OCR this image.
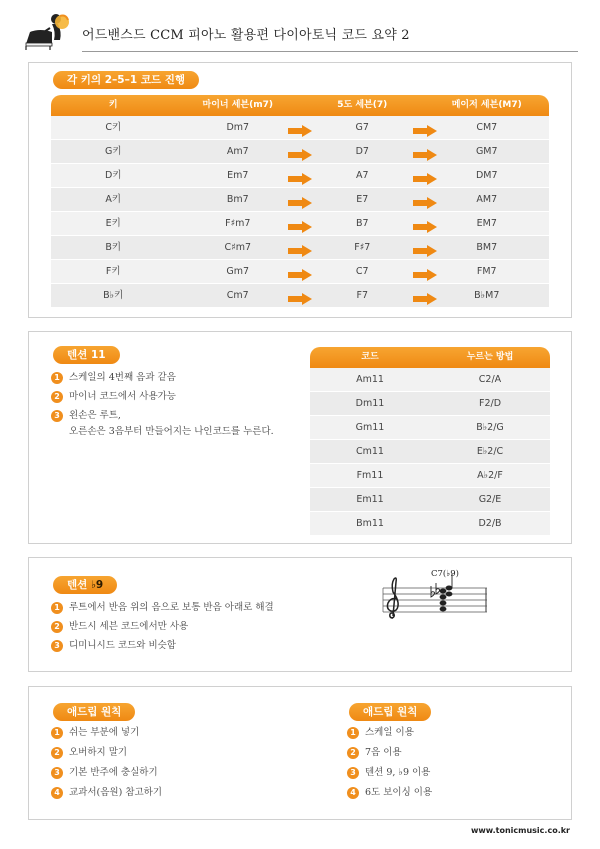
어드밴스드 CCM 피아노 활용편 다이아토닉 코드 요약 2
각 키의 2–5–1 코드 진행
키	마이너 세븐(m7)	5도 세븐(7)	메이저 세븐(M7)
C키	Dm7	G7	CM7
G키	Am7	D7	GM7
D키	Em7	A7	DM7
A키	Bm7	E7	AM7
E키	F♯m7	B7	EM7
B키	C♯m7	F♯7	BM7
F키	Gm7	C7	FM7
B♭키	Cm7	F7	B♭M7
텐션 11
1 스케일의 4번째 음과 같음
2 마이너 코드에서 사용가능
3 왼손은 루트,
오른손은 3음부터 만들어지는 나인코드를 누른다.
코드	누르는 방법
Am11	C2/A
Dm11	F2/D
Gm11	B♭2/G
Cm11	E♭2/C
Fm11	A♭2/F
Em11	G2/E
Bm11	D2/B
텐션 ♭9
1 루트에서 반음 위의 음으로 보통 반음 아래로 해결
2 반드시 세븐 코드에서만 사용
3 디미니시드 코드와 비슷함
C7(♭9)
애드립 원칙
1 쉬는 부분에 넣기
2 오버하지 말기
3 기본 반주에 충실하기
4 교과서(음원) 참고하기
애드립 원칙
1 스케일 이용
2 7음 이용
3 텐션 9, ♭9 이용
4 6도 보이싱 이용
www.tonicmusic.co.kr
